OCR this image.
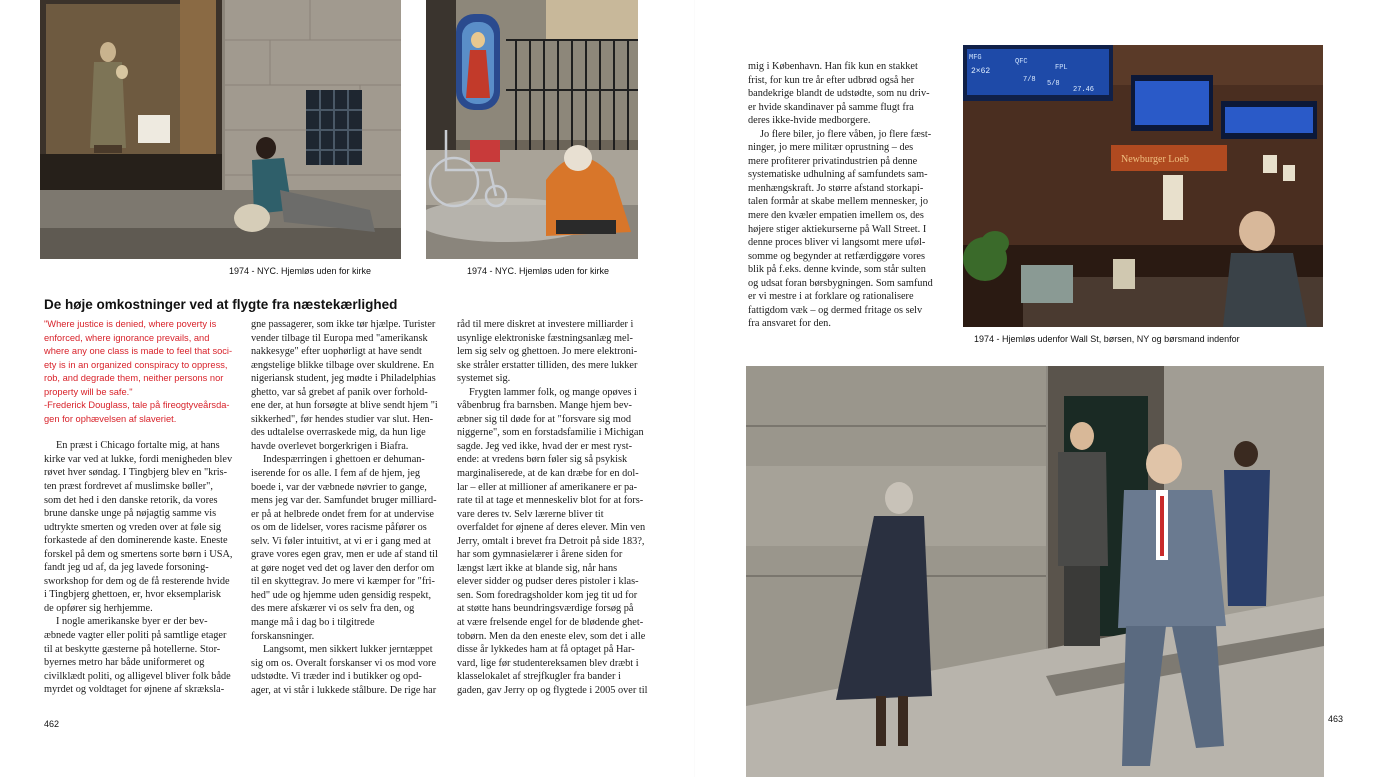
1974 - NYC. Hjemløs uden for kirke	1974 - NYC. Hjemløs uden for kirke
De høje omkostninger ved at flygte fra næstekærlighed

"Where justice is denied, where poverty is

enforced, where ignorance prevails, and

where any one class is made to feel that soci-

ety is in an organized conspiracy to oppress,

rob, and degrade them, neither persons nor

property will be safe."

-Frederick Douglass, tale på fireogtyveårsda-

gen for ophævelsen af slaveriet.

En præst i Chicago fortalte mig, at hans

kirke var ved at lukke, fordi menigheden blev

røvet hver søndag. I Tingbjerg blev en "kris-

ten præst fordrevet af muslimske bøller",

som det hed i den danske retorik, da vores

brune danske unge på nøjagtig samme vis

udtrykte smerten og vreden over at føle sig

forkastede af den dominerende kaste. Eneste

forskel på dem og smertens sorte børn i USA,

fandt jeg ud af, da jeg lavede forsoning-

sworkshop for dem og de få resterende hvide

i Tingbjerg ghettoen, er, hvor eksemplarisk

de opfører sig herhjemme.

I nogle amerikanske byer er der bev-

æbnede vagter eller politi på samtlige etager

til at beskytte gæsterne på hotellerne. Stor-

byernes metro har både uniformeret og

civilklædt politi, og alligevel bliver folk både

myrdet og voldtaget for øjnene af skrækslа-

gne passagerer, som ikke tør hjælpe. Turister

vender tilbage til Europa med "amerikansk

nakkesyge" efter uophørligt at have sendt

ængstelige blikke tilbage over skuldrene. En

nigeriansk student, jeg mødte i Philadelphias

ghetto, var så grebet af panik over forhold-

ene der, at hun forsøgte at blive sendt hjem "i

sikkerhed", før hendes studier var slut. Hen-

des udtalelse overraskede mig, da hun lige

havde overlevet borgerkrigen i Biafra.

Indespærringen i ghettoen er dehuman-

iserende for os alle. I fem af de hjem, jeg

boede i, var der væbnede nøvrier to gange,

mens jeg var der. Samfundet bruger milliard-

er på at helbrede ondet frem for at undervise

os om de lidelser, vores racisme påfører os

selv. Vi føler intuitivt, at vi er i gang med at

grave vores egen grav, men er ude af stand til

at gøre noget ved det og laver den derfor om

til en skyttegrav. Jo mere vi kæmper for "fri-

hed" ude og hjemme uden gensidig respekt,

des mere afskærer vi os selv fra den, og

mange må i dag bo i tilgitrede

forskansninger.

Langsomt, men sikkert lukker jerntæppet

sig om os. Overalt forskanser vi os mod vore

udstødte. Vi træder ind i butikker og opd-

ager, at vi står i lukkede stålbure. De rige har

råd til mere diskret at investere milliarder i

usynlige elektroniske fæstningsanlæg mel-

lem sig selv og ghettoen. Jo mere elektroni-

ske stråler erstatter tilliden, des mere lukker

systemet sig.

Frygten lammer folk, og mange opøves i

våbenbrug fra barnsben. Mange hjem bev-

æbner sig til døde for at "forsvare sig mod

niggerne", som en forstadsfamilie i Michigan

sagde. Jeg ved ikke, hvad der er mest ryst-

ende: at vredens børn føler sig så psykisk

marginaliserede, at de kan dræbe for en dol-

lar – eller at millioner af amerikanere er pa-

rate til at tage et menneskeliv blot for at fors-

vare deres tv. Selv lærerne bliver tit

overfaldet for øjnene af deres elever. Min ven

Jerry, omtalt i brevet fra Detroit på side 183?,

har som gymnasielærer i årene siden for

længst lært ikke at blande sig, når hans

elever sidder og pudser deres pistoler i klas-

sen. Som foredragsholder kom jeg tit ud for

at støtte hans beundringsværdige forsøg på

at være frelsende engel for de blødende ghet-

tobørn. Men da den eneste elev, som det i alle

disse år lykkedes ham at få optaget på Har-

vard, lige før studentereksamen blev dræbt i

klasselokalet af strejfkugler fra bander i

gaden, gav Jerry op og flygtede i 2005 over til

mig i København. Han fik kun en stakket

frist, for kun tre år efter udbrød også her

bandekrige blandt de udstødte, som nu driv-

er hvide skandinaver på samme flugt fra

deres ikke-hvide medborgere.

Jo flere biler, jo flere våben, jo flere fæst-

ninger, jo mere militær oprustning – des

mere profiterer privatindustrien på denne

systematiske udhulning af samfundets sam-

menhængskraft. Jo større afstand storkapi-

talen formår at skabe mellem mennesker, jo

mere den kvæler empatien imellem os, des

højere stiger aktiekurserne på Wall Street. I

denne proces bliver vi langsomt mere uføl-

somme og begynder at retfærdiggøre vores

blik på f.eks. denne kvinde, som står sulten

og udsat foran børsbygningen. Som samfund

er vi mestre i at forklare og rationalisere

fattigdom væk – og dermed fritage os selv

fra ansvaret for den.

MFG
2×62
QFC
FPL
7/8 5/8
27.46
Newburger Loeb
1974 - Hjemløs udenfor Wall St, børsen, NY og børsmand indenfor
462	463
